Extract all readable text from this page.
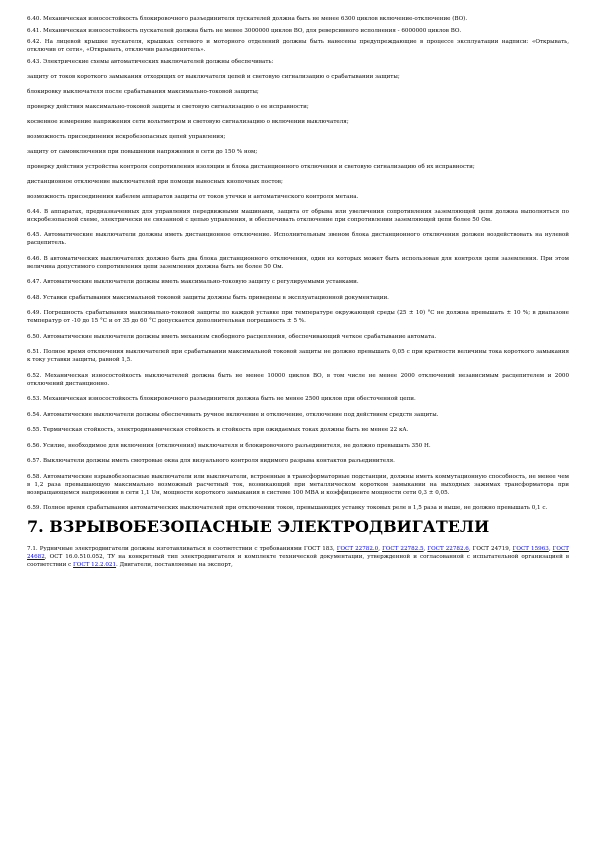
6.40. Механическая износостойкость блокировочного разъединителя пускателей должна быть не менее 6300 циклов включение-отключение (ВО).

6.41. Механическая износостойкость пускателей должна быть не менее 3000000 циклов ВО, для реверсивного исполнения - 6000000 циклов ВО.

6.42. На лицевой крышке пускателя, крышках сетевого и моторного отделений должны быть нанесены предупреждающие в процессе эксплуатации надписи: «Открывать, отключив от сети», «Открывать, отключив разъединитель».

6.43. Электрические схемы автоматических выключателей должны обеспечивать:

защиту от токов короткого замыкания отходящих от выключателя цепей и световую сигнализацию о срабатывании защиты;

блокировку выключателя после срабатывания максимально-токовой защиты;

проверку действия максимально-токовой защиты и световую сигнализацию о ее исправности;

косвенное измерение напряжения сети вольтметром и световую сигнализацию о включении выключателя;

возможность присоединения искробезопасных цепей управления;

защиту от самовключения при повышении напряжения в сети до 150 % ном;

проверку действия устройства контроля сопротивления изоляции и блока дистанционного отключения и световую сигнализацию об их исправности;

дистанционное отключение выключателей при помощи выносных кнопочных постов;

возможность присоединения кабелем аппаратов защиты от токов утечки и автоматического контроля метана.

6.44. В аппаратах, предназначенных для управления передвижными машинами, защита от обрыва или увеличения сопротивления заземляющей цепи должна выполняться по искробезопасной схеме, электрически не связанной с цепью управления, и обеспечивать отключение при сопротивлении заземляющей цепи более 50 Ом.

6.45. Автоматические выключатели должны иметь дистанционное отключение. Исполнительным звеном блока дистанционного отключения должен воздействовать на нулевой расцепитель.

6.46. В автоматических выключателях должно быть два блока дистанционного отключения, один из которых может быть использован для контроля цепи заземления. При этом величина допустимого сопротивления цепи заземления должна быть не более 50 Ом.

6.47. Автоматические выключатели должны иметь максимально-токовую защиту с регулируемыми уставками.

6.48. Уставки срабатывания максимальной токовой защиты должны быть приведены в эксплуатационной документации.

6.49. Погрешность срабатывания максимально-токовой защиты по каждой уставке при температуре окружающей среды (25 ± 10) °С не должна превышать ± 10 %; в диапазоне температур от -10 до 15 °С и от 35 до 60 °С допускается дополнительная погрешность ± 5 %.

6.50. Автоматические выключатели должны иметь механизм свободного расцепления, обеспечивающий четкое срабатывание автомата.

6.51. Полное время отключения выключателей при срабатывании максимальной токовой защиты не должно превышать 0,05 с при кратности величины тока короткого замыкания к току уставки защиты, равной 1,5.

6.52. Механическая износостойкость выключателей должна быть не менее 10000 циклов ВО, в том числе не менее 2000 отключений независимым расцепителем и 2000 отключений дистанционно.

6.53. Механическая износостойкость блокировочного разъединителя должна быть не менее 2500 циклов при обесточенной цепи.

6.54. Автоматические выключатели должны обеспечивать ручное включение и отключение, отключение под действием средств защиты.

6.55. Термическая стойкость, электродинамическая стойкость и стойкость при ожидаемых токах должны быть не менее 22 кА.

6.56. Усилие, необходимое для включения (отключения) выключателя и блокировочного разъединителя, не должно превышать 350 Н.

6.57. Выключатели должны иметь смотровые окна для визуального контроля видимого разрыва контактов разъединителя.

6.58. Автоматические взрывобезопасные выключатели или выключатели, встроенные в трансформаторные подстанции, должны иметь коммутационную способность, не менее чем в 1,2 раза превышающую максимально возможный расчетный ток, возникающий при металлическом коротком замыкании на выходных зажимах трансформатора при возвращающемся напряжении в сети 1,1 Uн, мощности короткого замыкания в системе 100 МВА и коэффициенте мощности сети 0,3 ± 0,05.

6.59. Полное время срабатывания автоматических выключателей при отключении токов, превышающих уставку токовых реле в 1,5 раза и выше, не должно превышать 0,1 с.

7. ВЗРЫВОБЕЗОПАСНЫЕ ЭЛЕКТРОДВИГАТЕЛИ

7.1. Рудничные электродвигатели должны изготавливаться в соответствии с требованиями ГОСТ 183, ГОСТ 22782.0, ГОСТ 22782.5, ГОСТ 22782.6, ГОСТ 24719, ГОСТ 15963, ГОСТ 24682, ОСТ 16.0.510.052, ТУ на конкретный тип электродвигателя и комплекте технической документации, утвержденной и согласованной с испытательной организацией в соответствии с ГОСТ 12.2.021. Двигатели, поставляемые на экспорт,
